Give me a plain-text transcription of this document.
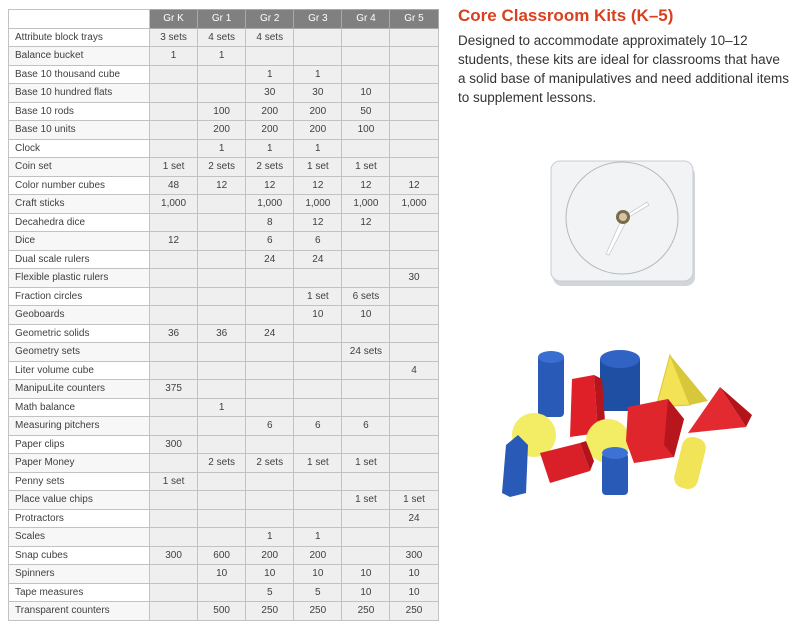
	Gr K	Gr 1	Gr 2	Gr 3	Gr 4	Gr 5
Attribute block trays	3 sets	4 sets	4 sets			
Balance bucket	1	1				
Base 10 thousand cube			1	1		
Base 10 hundred flats			30	30	10	
Base 10 rods		100	200	200	50	
Base 10 units		200	200	200	100	
Clock		1	1	1		
Coin set	1 set	2 sets	2 sets	1 set	1 set	
Color number cubes	48	12	12	12	12	12
Craft sticks	1,000		1,000	1,000	1,000	1,000
Decahedra dice			8	12	12	
Dice	12		6	6		
Dual scale rulers			24	24		
Flexible plastic rulers						30
Fraction circles				1 set	6 sets	
Geoboards				10	10	
Geometric solids	36	36	24			
Geometry sets					24 sets	
Liter volume cube						4
ManipuLite counters	375					
Math balance		1				
Measuring pitchers			6	6	6	
Paper clips	300					
Paper Money		2 sets	2 sets	1 set	1 set	
Penny sets	1 set					
Place value chips					1 set	1 set
Protractors						24
Scales			1	1		
Snap cubes	300	600	200	200		300
Spinners		10	10	10	10	10
Tape measures			5	5	10	10
Transparent counters		500	250	250	250	250
Core Classroom Kits (K–5)

Designed to accommodate approximately 10–12 students, these kits are ideal for classrooms that have a solid base of manipulatives and need additional items to supplement lessons.
